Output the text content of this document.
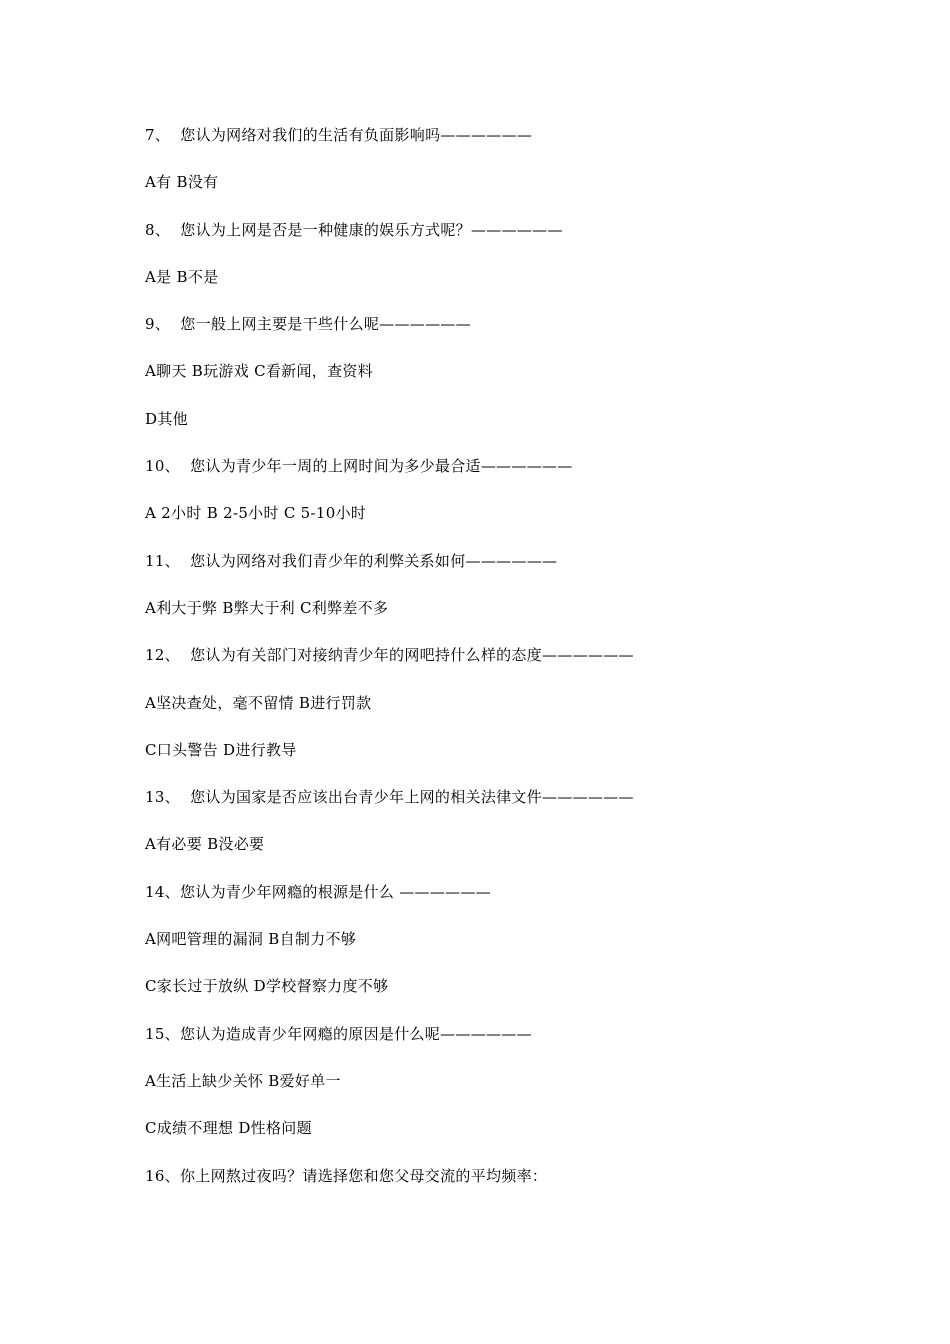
7、  您认为网络对我们的生活有负面影响吗——————
A有 B没有
8、  您认为上网是否是一种健康的娱乐方式呢？——————
A是 B不是
9、  您一般上网主要是干些什么呢——————
A聊天 B玩游戏 C看新闻，查资料
D其他
10、  您认为青少年一周的上网时间为多少最合适——————
A 2小时 B 2-5小时 C 5-10小时
11、  您认为网络对我们青少年的利弊关系如何——————
A利大于弊 B弊大于利 C利弊差不多
12、  您认为有关部门对接纳青少年的网吧持什么样的态度——————
A坚决查处，毫不留情 B进行罚款
C口头警告 D进行教导
13、  您认为国家是否应该出台青少年上网的相关法律文件——————
A有必要 B没必要
14、您认为青少年网瘾的根源是什么 ——————
A网吧管理的漏洞 B自制力不够
C家长过于放纵 D学校督察力度不够
15、您认为造成青少年网瘾的原因是什么呢——————
A生活上缺少关怀 B爱好单一
C成绩不理想 D性格问题
16、你上网熬过夜吗？请选择您和您父母交流的平均频率：
